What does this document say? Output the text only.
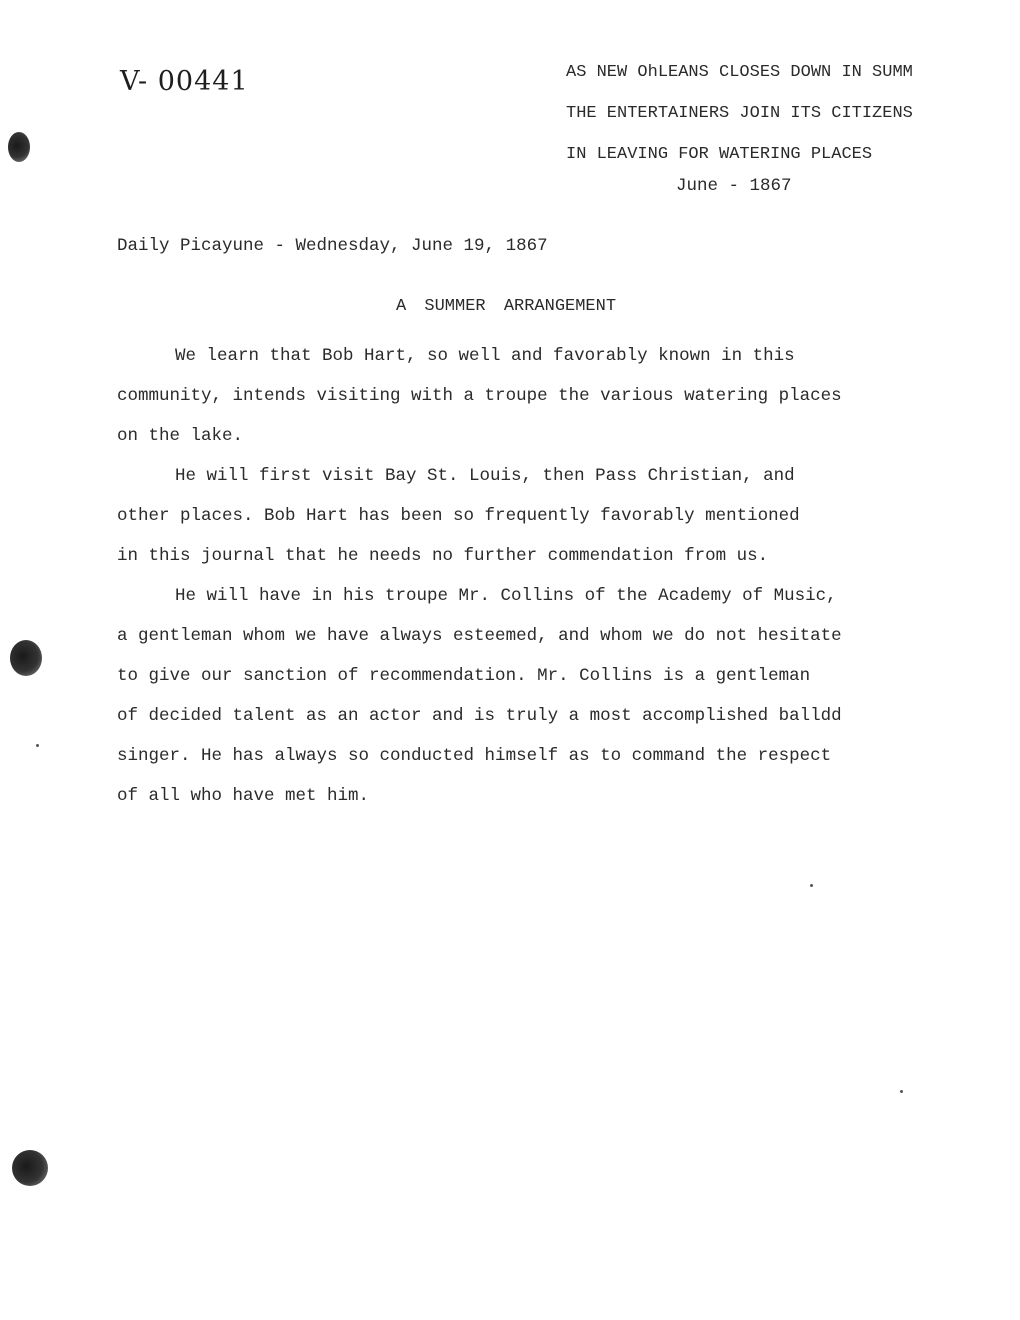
V- 00441	AS NEW OhLEANS CLOSES DOWN IN SUMM
THE ENTERTAINERS JOIN ITS CITIZENS
IN LEAVING FOR WATERING PLACES
June - 1867
Daily Picayune - Wednesday, June 19, 1867
A SUMMER ARRANGEMENT
We learn that Bob Hart, so well and favorably known in this
community, intends visiting with a troupe the various watering places
on the lake.
He will first visit Bay St. Louis, then Pass Christian, and
other places. Bob Hart has been so frequently favorably mentioned
in this journal that he needs no further commendation from us.
He will have in his troupe Mr. Collins of the Academy of Music,
a gentleman whom we have always esteemed, and whom we do not hesitate
to give our sanction of recommendation. Mr. Collins is a gentleman
of decided talent as an actor and is truly a most accomplished balldd
singer. He has always so conducted himself as to command the respect
of all who have met him.
